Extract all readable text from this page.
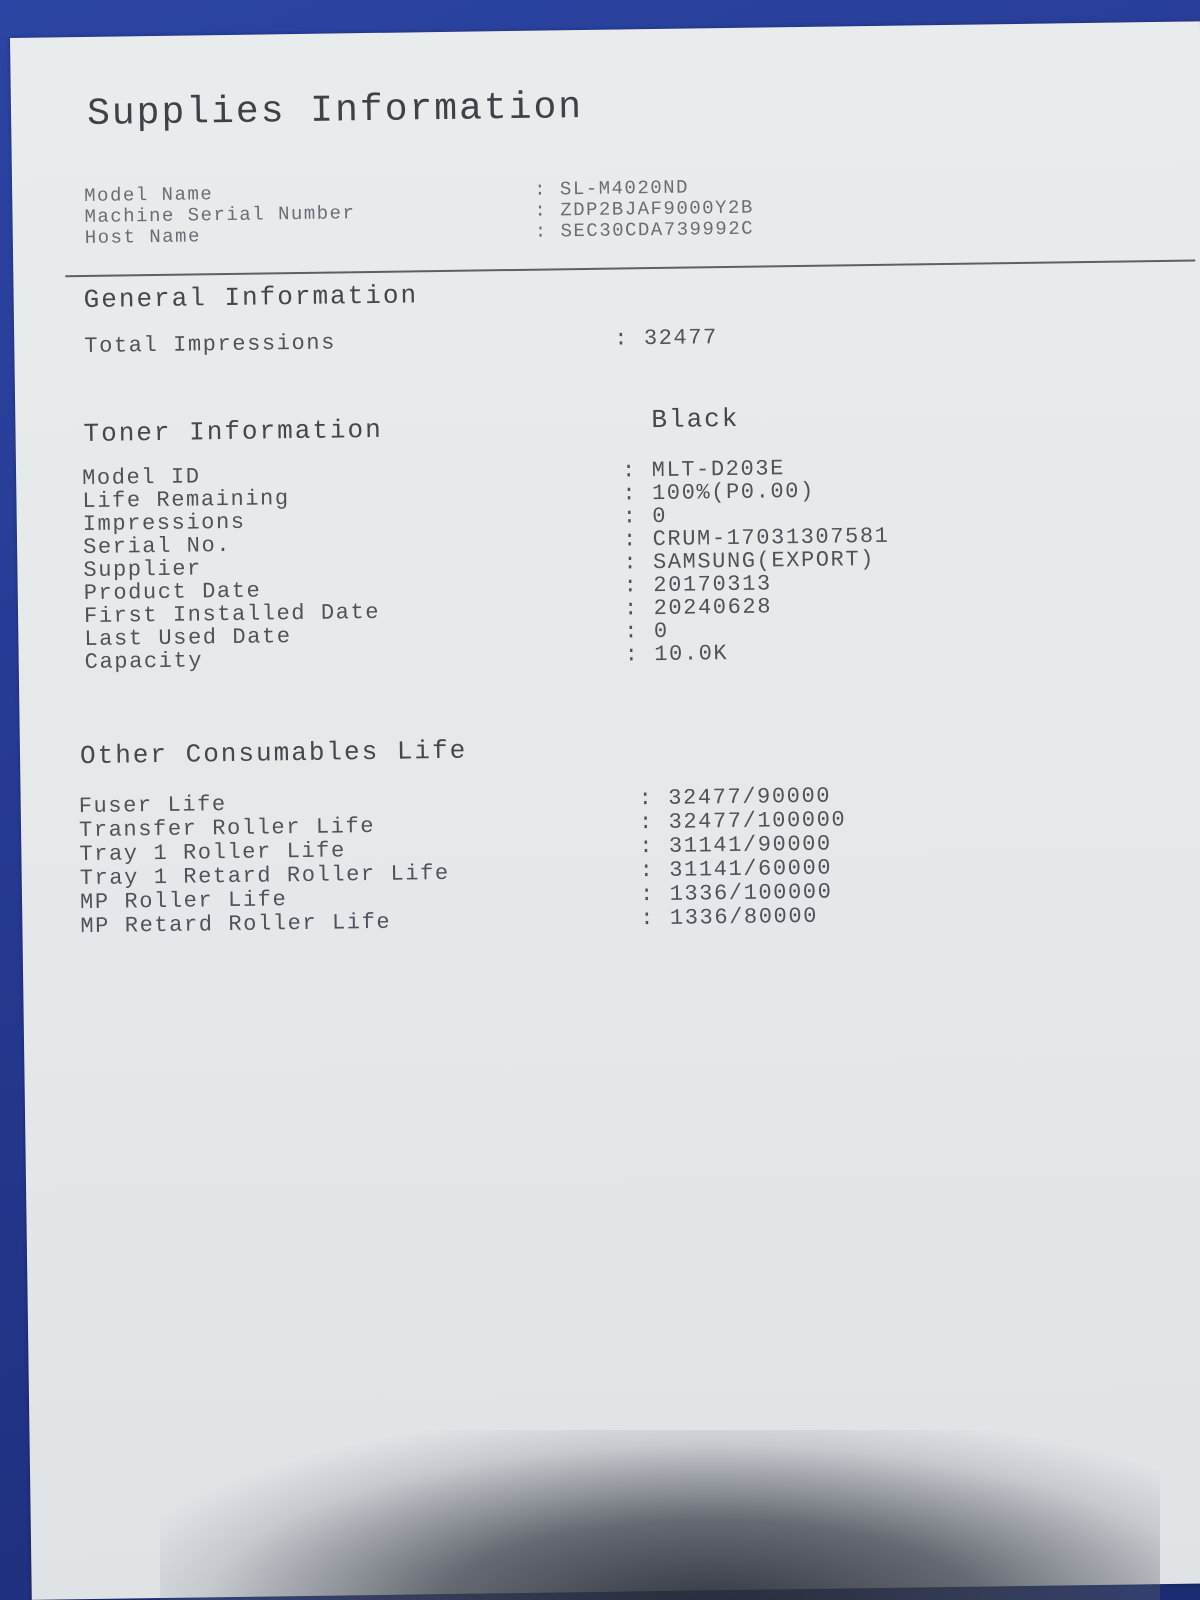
Supplies Information
Model Name	: SL-M4020ND
Machine Serial Number	: ZDP2BJAF9000Y2B
Host Name	: SEC30CDA739992C
General Information
Total Impressions	: 32477
Toner Information	Black
Model ID	: MLT-D203E
Life Remaining	: 100%(P0.00)
Impressions	: 0
Serial No.	: CRUM-17031307581
Supplier	: SAMSUNG(EXPORT)
Product Date	: 20170313
First Installed Date	: 20240628
Last Used Date	: 0
Capacity	: 10.0K
Other Consumables Life
Fuser Life	: 32477/90000
Transfer Roller Life	: 32477/100000
Tray 1 Roller Life	: 31141/90000
Tray 1 Retard Roller Life	: 31141/60000
MP Roller Life	: 1336/100000
MP Retard Roller Life	: 1336/80000
